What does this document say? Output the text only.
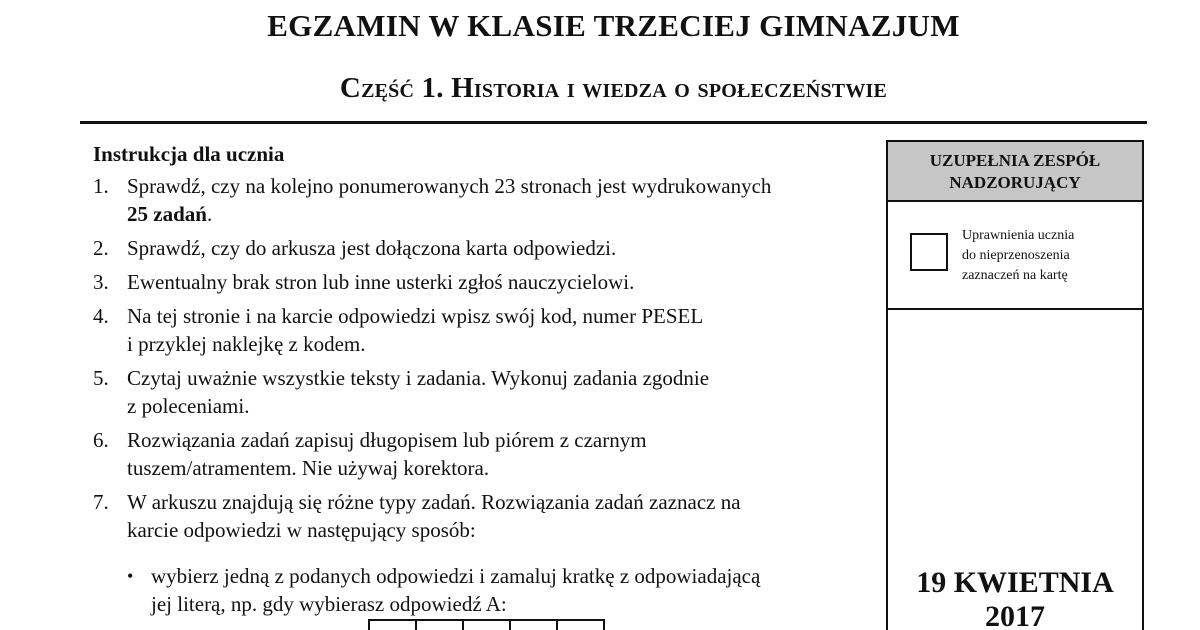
EGZAMIN W KLASIE TRZECIEJ GIMNAZJUM
Część 1. Historia i wiedza o społeczeństwie
Instrukcja dla ucznia
1. Sprawdź, czy na kolejno ponumerowanych 23 stronach jest wydrukowanych
25 zadań.
2. Sprawdź, czy do arkusza jest dołączona karta odpowiedzi.
3. Ewentualny brak stron lub inne usterki zgłoś nauczycielowi.
4. Na tej stronie i na karcie odpowiedzi wpisz swój kod, numer PESEL
i przyklej naklejkę z kodem.
5. Czytaj uważnie wszystkie teksty i zadania. Wykonuj zadania zgodnie
z poleceniami.
6. Rozwiązania zadań zapisuj długopisem lub piórem z czarnym
tuszem/atramentem. Nie używaj korektora.
7. W arkuszu znajdują się różne typy zadań. Rozwiązania zadań zaznacz na
karcie odpowiedzi w następujący sposób:
• wybierz jedną z podanych odpowiedzi i zamaluj kratkę z odpowiadającą
jej literą, np. gdy wybierasz odpowiedź A:
UZUPEŁNIA ZESPÓŁ
NADZORUJĄCY
Uprawnienia ucznia
do nieprzenoszenia
zaznaczeń na kartę
19 KWIETNIA
2017
